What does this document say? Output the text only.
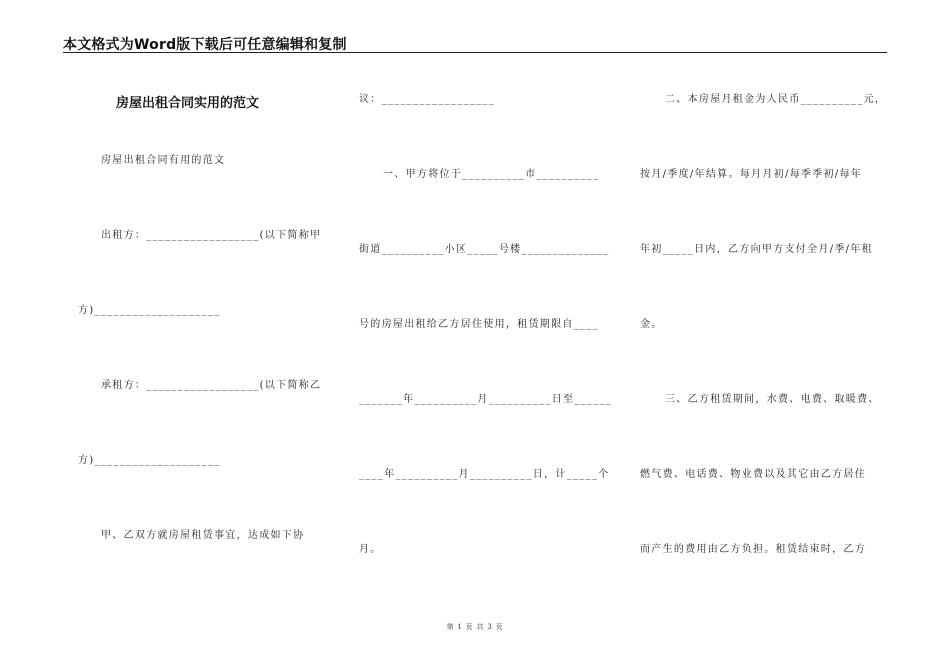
本文格式为Word版下载后可任意编辑和复制
房屋出租合同实用的范文
房屋出租合同有用的范文
出租方：__________________(以下简称甲
方)____________________
承租方：__________________(以下简称乙
方)____________________
甲、乙双方就房屋租赁事宜，达成如下协
议：__________________
一、甲方将位于__________市__________
街道__________小区_____号楼______________
号的房屋出租给乙方居住使用，租赁期限自____
_______年__________月__________日至______
____年__________月__________日，计_____个
月。
二、本房屋月租金为人民币__________元，
按月/季度/年结算。每月月初/每季季初/每年
年初_____日内，乙方向甲方支付全月/季/年租
金。
三、乙方租赁期间，水费、电费、取暖费、
燃气费、电话费、物业费以及其它由乙方居住
而产生的费用由乙方负担。租赁结束时，乙方
第 1 页 共 3 页
